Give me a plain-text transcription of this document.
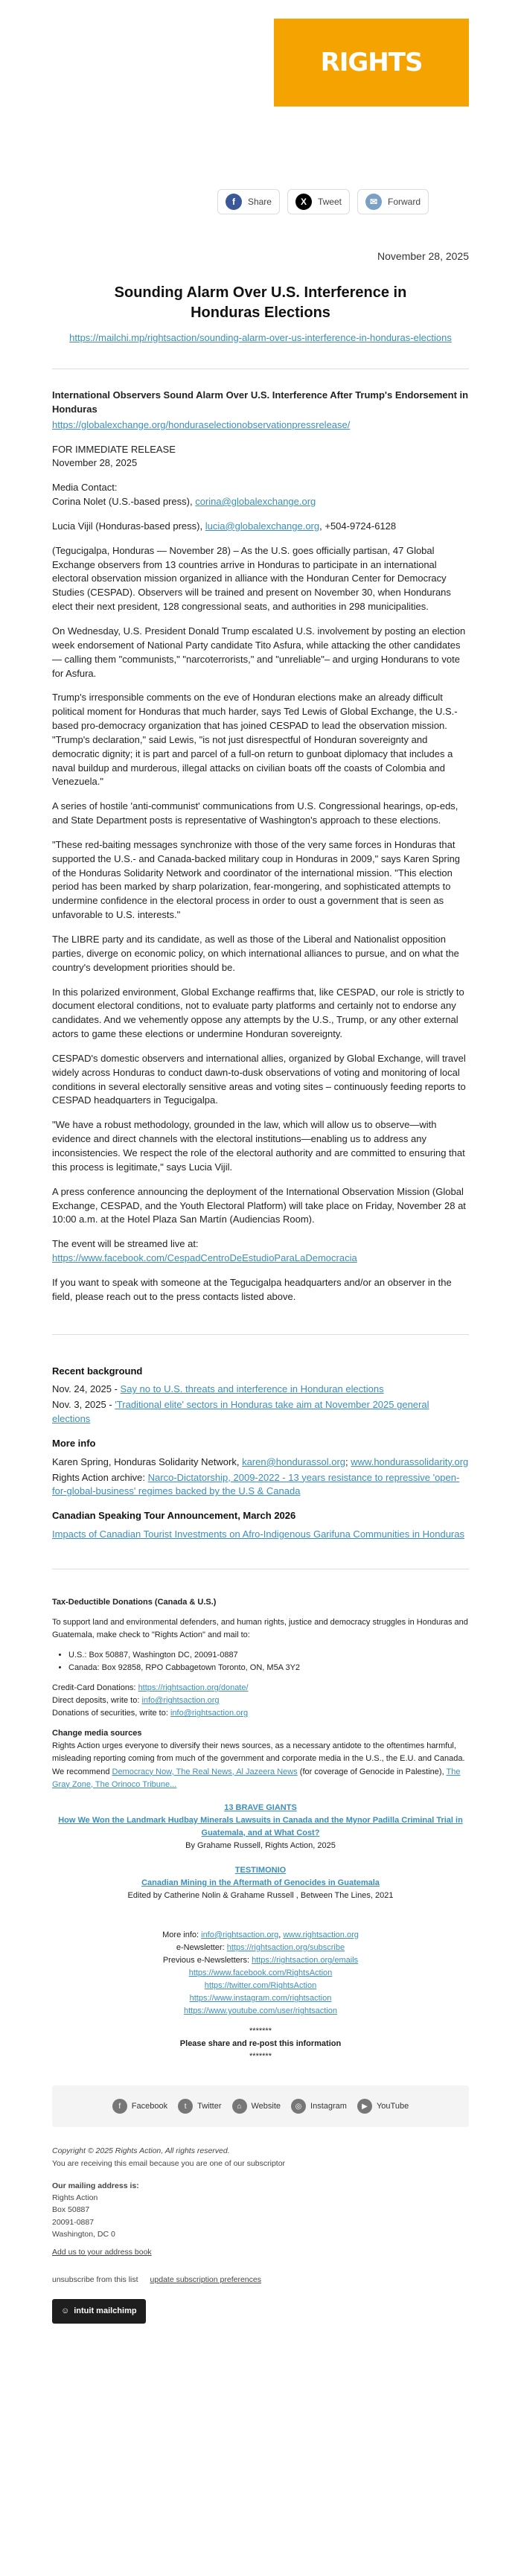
RIGHTS ACTION
f	Share	X	Tweet	✉	Forward
November 28, 2025
Sounding Alarm Over U.S. Interference in Honduras Elections
https://mailchi.mp/rightsaction/sounding-alarm-over-us-interference-in-honduras-elections

International Observers Sound Alarm Over U.S. Interference After Trump's Endorsement in Honduras

https://globalexchange.org/honduraselectionobservationpressrelease/

FOR IMMEDIATE RELEASE

November 28, 2025

Media Contact:

Corina Nolet (U.S.-based press), corina@globalexchange.org

Lucia Vijil (Honduras-based press), lucia@globalexchange.org, +504-9724-6128

(Tegucigalpa, Honduras — November 28) – As the U.S. goes officially partisan, 47 Global Exchange observers from 13 countries arrive in Honduras to participate in an international electoral observation mission organized in alliance with the Honduran Center for Democracy Studies (CESPAD). Observers will be trained and present on November 30, when Hondurans elect their next president, 128 congressional seats, and authorities in 298 municipalities.

On Wednesday, U.S. President Donald Trump escalated U.S. involvement by posting an election week endorsement of National Party candidate Tito Asfura, while attacking the other candidates — calling them "communists," "narcoterrorists," and "unreliable"– and urging Hondurans to vote for Asfura.

Trump's irresponsible comments on the eve of Honduran elections make an already difficult political moment for Honduras that much harder, says Ted Lewis of Global Exchange, the U.S.-based pro-democracy organization that has joined CESPAD to lead the observation mission. "Trump's declaration," said Lewis, "is not just disrespectful of Honduran sovereignty and democratic dignity; it is part and parcel of a full-on return to gunboat diplomacy that includes a naval buildup and murderous, illegal attacks on civilian boats off the coasts of Colombia and Venezuela."

A series of hostile 'anti-communist' communications from U.S. Congressional hearings, op-eds, and State Department posts is representative of Washington's approach to these elections.

"These red-baiting messages synchronize with those of the very same forces in Honduras that supported the U.S.- and Canada-backed military coup in Honduras in 2009," says Karen Spring of the Honduras Solidarity Network and coordinator of the international mission. "This election period has been marked by sharp polarization, fear-mongering, and sophisticated attempts to undermine confidence in the electoral process in order to oust a government that is seen as unfavorable to U.S. interests."

The LIBRE party and its candidate, as well as those of the Liberal and Nationalist opposition parties, diverge on economic policy, on which international alliances to pursue, and on what the country's development priorities should be.

In this polarized environment, Global Exchange reaffirms that, like CESPAD, our role is strictly to document electoral conditions, not to evaluate party platforms and certainly not to endorse any candidates. And we vehemently oppose any attempts by the U.S., Trump, or any other external actors to game these elections or undermine Honduran sovereignty.

CESPAD's domestic observers and international allies, organized by Global Exchange, will travel widely across Honduras to conduct dawn-to-dusk observations of voting and monitoring of local conditions in several electorally sensitive areas and voting sites – continuously feeding reports to CESPAD headquarters in Tegucigalpa.

"We have a robust methodology, grounded in the law, which will allow us to observe—with evidence and direct channels with the electoral institutions—enabling us to address any inconsistencies. We respect the role of the electoral authority and are committed to ensuring that this process is legitimate," says Lucia Vijil.

A press conference announcing the deployment of the International Observation Mission (Global Exchange, CESPAD, and the Youth Electoral Platform) will take place on Friday, November 28 at 10:00 a.m. at the Hotel Plaza San Martín (Audiencias Room).

The event will be streamed live at:

https://www.facebook.com/CespadCentroDeEstudioParaLaDemocracia

If you want to speak with someone at the Tegucigalpa headquarters and/or an observer in the field, please reach out to the press contacts listed above.

Recent background

Nov. 24, 2025 - Say no to U.S. threats and interference in Honduran elections

Nov. 3, 2025 - 'Traditional elite' sectors in Honduras take aim at November 2025 general elections

More info

Karen Spring, Honduras Solidarity Network, karen@hondurassol.org; www.hondurassolidarity.org

Rights Action archive: Narco-Dictatorship, 2009-2022 - 13 years resistance to repressive 'open-for-global-business' regimes backed by the U.S & Canada

Canadian Speaking Tour Announcement, March 2026

Impacts of Canadian Tourist Investments on Afro-Indigenous Garifuna Communities in Honduras

Tax-Deductible Donations (Canada & U.S.)

To support land and environmental defenders, and human rights, justice and democracy struggles in Honduras and Guatemala, make check to "Rights Action" and mail to:

• U.S.: Box 50887, Washington DC, 20091-0887
• Canada: Box 92858, RPO Cabbagetown Toronto, ON, M5A 3Y2

Credit-Card Donations: https://rightsaction.org/donate/

Direct deposits, write to: info@rightsaction.org

Donations of securities, write to: info@rightsaction.org

Change media sources

Rights Action urges everyone to diversify their news sources, as a necessary antidote to the oftentimes harmful, misleading reporting coming from much of the government and corporate media in the U.S., the E.U. and Canada. We recommend Democracy Now, The Real News, Al Jazeera News (for coverage of Genocide in Palestine), The Gray Zone, The Orinoco Tribune...

13 BRAVE GIANTS
How We Won the Landmark Hudbay Minerals Lawsuits in Canada and the Mynor Padilla Criminal Trial in Guatemala, and at What Cost?
By Grahame Russell, Rights Action, 2025
TESTIMONIO
Canadian Mining in the Aftermath of Genocides in Guatemala
Edited by Catherine Nolin & Grahame Russell , Between The Lines, 2021
More info: info@rightsaction.org, www.rightsaction.org
e-Newsletter: https://rightsaction.org/subscribe
Previous e-Newsletters: https://rightsaction.org/emails
https://www.facebook.com/RightsAction
https://twitter.com/RightsAction
https://www.instagram.com/rightsaction
https://www.youtube.com/user/rightsaction
*******
Please share and re-post this information
*******
f	Facebook	t	Twitter	⌂	Website	◎	Instagram	▶	YouTube
Copyright © 2025 Rights Action, All rights reserved.
You are receiving this email because you are one of our subscriptor
Our mailing address is:
Rights Action
Box 50887
20091-0887
Washington, DC 0
Add us to your address book
unsubscribe from this list update subscription preferences
☺ intuit mailchimp
